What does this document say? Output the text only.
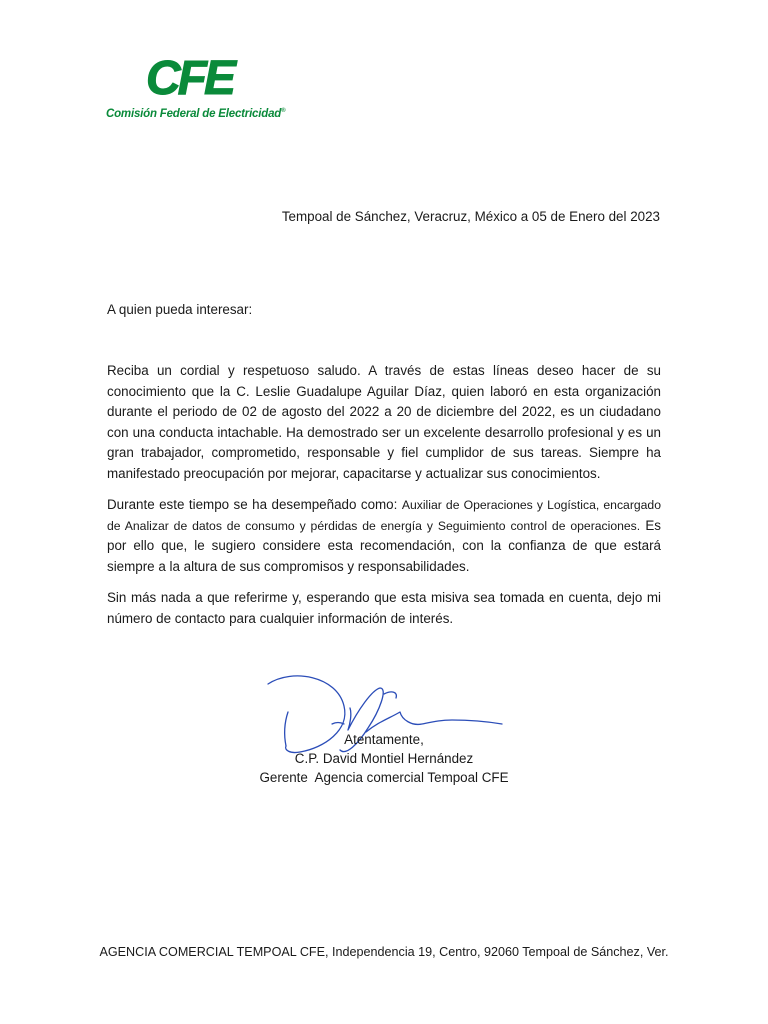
CFE
Comisión Federal de Electricidad®
Tempoal de Sánchez, Veracruz, México a 05 de Enero del 2023
A quien pueda interesar:

Reciba un cordial y respetuoso saludo. A través de estas líneas deseo hacer de su conocimiento que la C. Leslie Guadalupe Aguilar Díaz, quien laboró en esta organización durante el periodo de 02 de agosto del 2022 a 20 de diciembre del 2022, es un ciudadano con una conducta intachable. Ha demostrado ser un excelente desarrollo profesional y es un gran trabajador, comprometido, responsable y fiel cumplidor de sus tareas. Siempre ha manifestado preocupación por mejorar, capacitarse y actualizar sus conocimientos.

Durante este tiempo se ha desempeñado como: Auxiliar de Operaciones y Logística, encargado de Analizar de datos de consumo y pérdidas de energía y Seguimiento control de operaciones. Es por ello que, le sugiero considere esta recomendación, con la confianza de que estará siempre a la altura de sus compromisos y responsabilidades.

Sin más nada a que referirme y, esperando que esta misiva sea tomada en cuenta, dejo mi número de contacto para cualquier información de interés.

Atentamente,
C.P. David Montiel Hernández
Gerente  Agencia comercial Tempoal CFE
AGENCIA COMERCIAL TEMPOAL CFE, Independencia 19, Centro, 92060 Tempoal de Sánchez, Ver.
